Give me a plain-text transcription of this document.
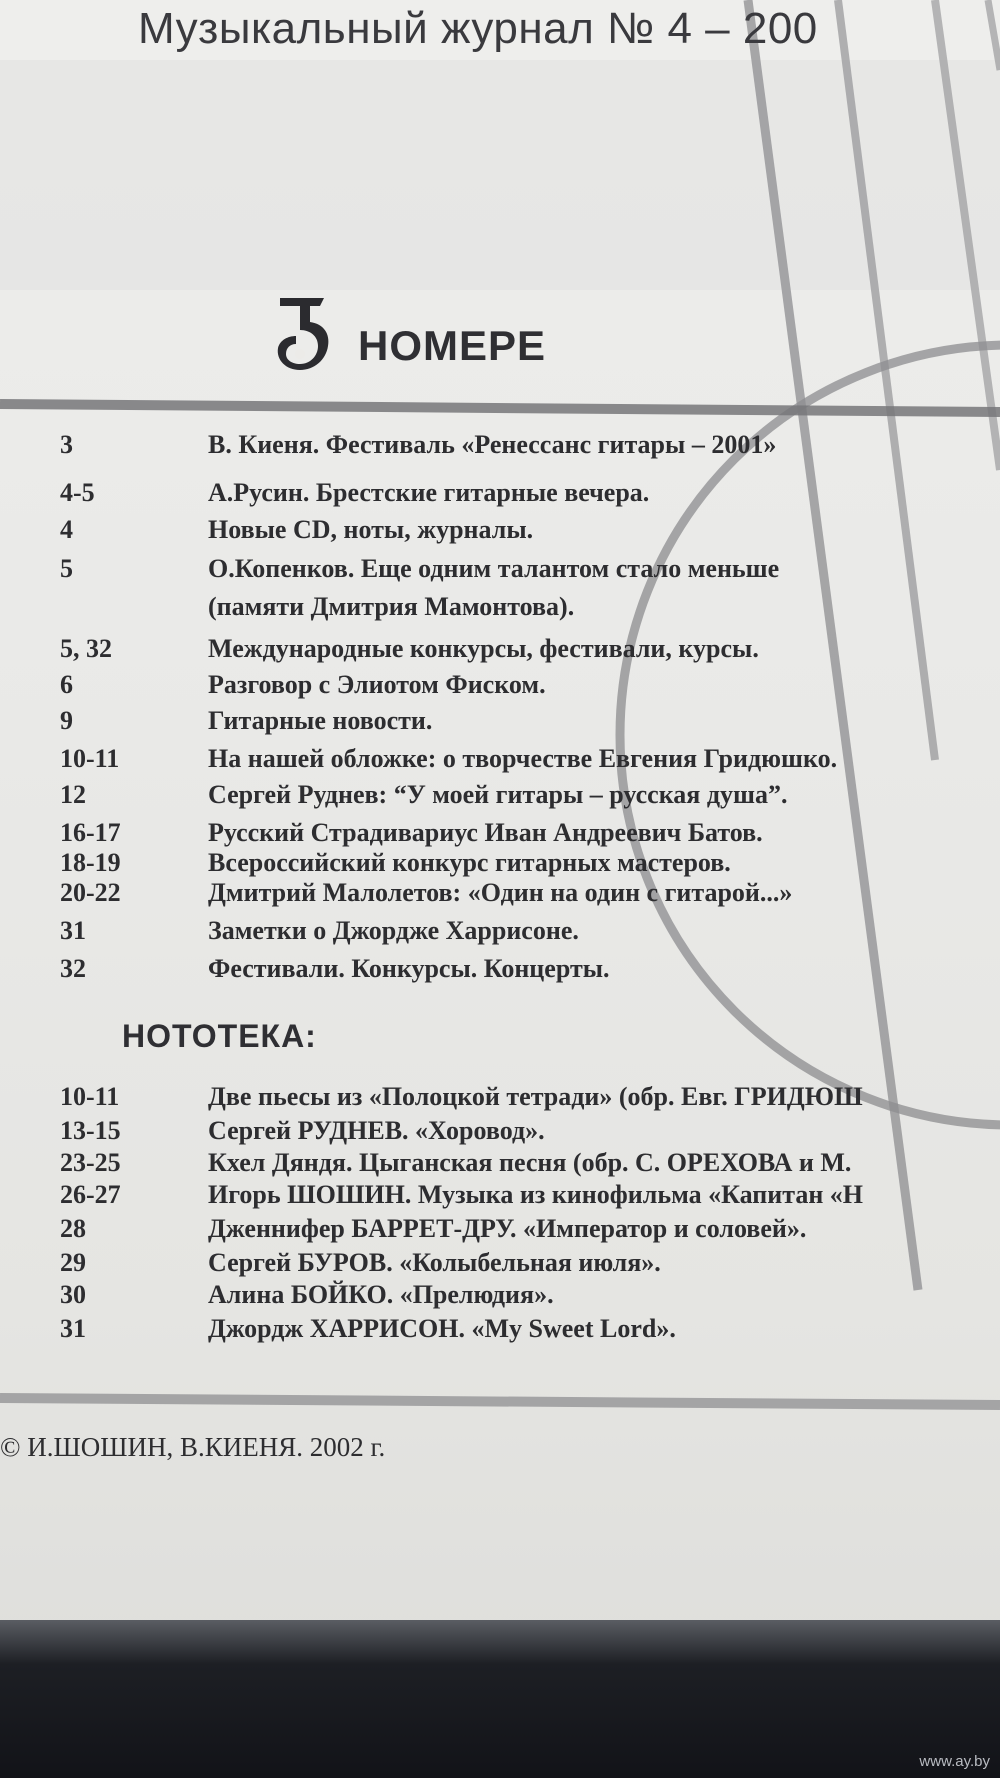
Музыкальный журнал № 4 – 200
НОМЕРЕ
3	В. Киеня. Фестиваль «Ренессанс гитары – 2001»
4-5	А.Русин. Брестские гитарные вечера.
4	Новые CD, ноты, журналы.
5	О.Копенков. Еще одним талантом стало меньше
(памяти Дмитрия Мамонтова).
5, 32	Международные конкурсы, фестивали, курсы.
6	Разговор с Элиотом Фиском.
9	Гитарные новости.
10-11	На нашей обложке: о творчестве Евгения Гридюшко.
12	Сергей Руднев: “У моей гитары – русская душа”.
16-17	Русский Страдивариус Иван Андреевич Батов.
18-19	Всероссийский конкурс гитарных мастеров.
20-22	Дмитрий Малолетов: «Один на один с гитарой...»
31	Заметки о Джордже Харрисоне.
32	Фестивали. Конкурсы. Концерты.
НОТОТЕКА:
10-11	Две пьесы из «Полоцкой тетради» (обр. Евг. ГРИДЮШ
13-15	Сергей РУДНЕВ. «Хоровод».
23-25	Кхел Дяндя. Цыганская песня (обр. С. ОРЕХОВА и М.
26-27	Игорь ШОШИН. Музыка из кинофильма «Капитан «Н
28	Дженнифер БАРРЕТ-ДРУ. «Император и соловей».
29	Сергей БУРОВ. «Колыбельная июля».
30	Алина БОЙКО. «Прелюдия».
31	Джордж ХАРРИСОН. «My Sweet Lord».
© И.ШОШИН, В.КИЕНЯ. 2002 г.
www.ay.by
